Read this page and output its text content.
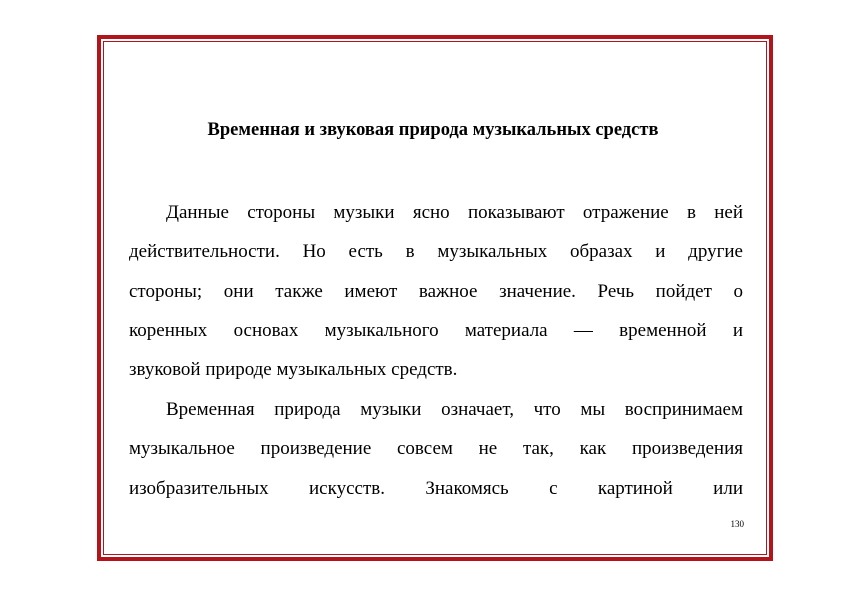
Временная и звуковая природа музыкальных средств
Данные стороны музыки ясно показывают отражение в ней
действительности. Но есть в музыкальных образах и другие
стороны; они также имеют важное значение. Речь пойдет о
коренных основах музыкального материала — временной и
звуковой природе музыкальных средств.
Временная природа музыки означает, что мы воспринимаем
музыкальное произведение совсем не так, как произведения
изобразительных искусств. Знакомясь с картиной или
130
